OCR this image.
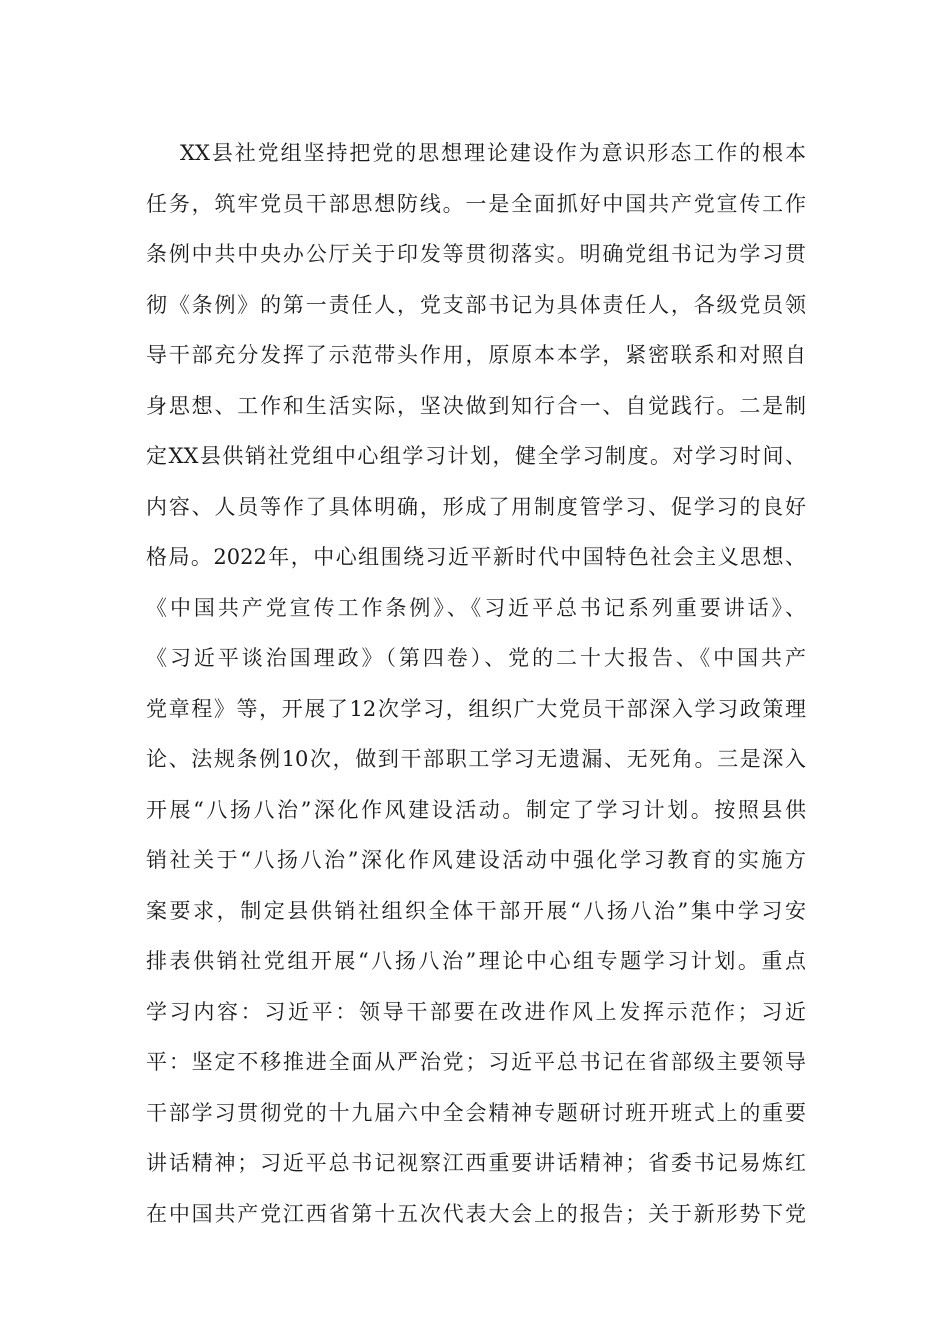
XX县社党组坚持把党的思想理论建设作为意识形态工作的根本
任务，筑牢党员干部思想防线。一是全面抓好中国共产党宣传工作
条例中共中央办公厅关于印发等贯彻落实。明确党组书记为学习贯
彻《条例》的第一责任人，党支部书记为具体责任人，各级党员领
导干部充分发挥了示范带头作用，原原本本学，紧密联系和对照自
身思想、工作和生活实际，坚决做到知行合一、自觉践行。二是制
定XX县供销社党组中心组学习计划，健全学习制度。对学习时间、
内容、人员等作了具体明确，形成了用制度管学习、促学习的良好
格局。2022年，中心组围绕习近平新时代中国特色社会主义思想、
《中国共产党宣传工作条例》、《习近平总书记系列重要讲话》、
《习近平谈治国理政》（第四卷）、党的二十大报告、《中国共产
党章程》等，开展了12次学习，组织广大党员干部深入学习政策理
论、法规条例10次，做到干部职工学习无遗漏、无死角。三是深入
开展“八扬八治”深化作风建设活动。制定了学习计划。按照县供
销社关于“八扬八治”深化作风建设活动中强化学习教育的实施方
案要求，制定县供销社组织全体干部开展“八扬八治”集中学习安
排表供销社党组开展“八扬八治”理论中心组专题学习计划。重点
学习内容：习近平：领导干部要在改进作风上发挥示范作；习近
平：坚定不移推进全面从严治党；习近平总书记在省部级主要领导
干部学习贯彻党的十九届六中全会精神专题研讨班开班式上的重要
讲话精神；习近平总书记视察江西重要讲话精神；省委书记易炼红
在中国共产党江西省第十五次代表大会上的报告；关于新形势下党
